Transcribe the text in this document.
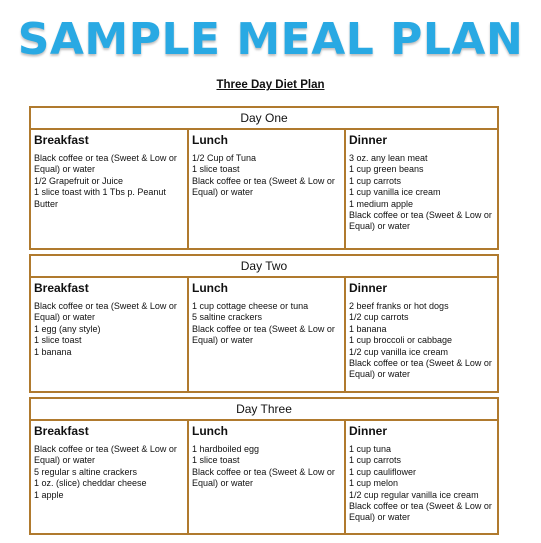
SAMPLE MEAL PLAN
Three Day Diet Plan
Day One
Breakfast
Black coffee or tea (Sweet & Low or Equal) or water
1/2 Grapefruit or Juice
1 slice toast with 1 Tbs p. Peanut Butter
Lunch
1/2 Cup of Tuna
1 slice toast
Black coffee or tea (Sweet & Low or Equal) or water
Dinner
3 oz. any lean meat
1 cup green beans
1 cup carrots
1 cup vanilla ice cream
1 medium apple
Black coffee or tea (Sweet & Low or Equal) or water
Day Two
Breakfast
Black coffee or tea (Sweet & Low or Equal) or water
1 egg (any style)
1 slice toast
1 banana
Lunch
1 cup cottage cheese or tuna
5 saltine crackers
Black coffee or tea (Sweet & Low or Equal) or water
Dinner
2 beef franks or hot dogs
1/2 cup carrots
1 banana
1 cup broccoli or cabbage
1/2 cup vanilla ice cream
Black coffee or tea (Sweet & Low or Equal) or water
Day Three
Breakfast
Black coffee or tea (Sweet & Low or Equal) or water
5 regular s altine crackers
1 oz. (slice) cheddar cheese
1 apple
Lunch
1 hardboiled egg
1 slice toast
Black coffee or tea (Sweet & Low or Equal) or water
Dinner
1 cup tuna
1 cup carrots
1 cup cauliflower
1 cup melon
1/2 cup regular vanilla ice cream
Black coffee or tea (Sweet & Low or Equal) or water
